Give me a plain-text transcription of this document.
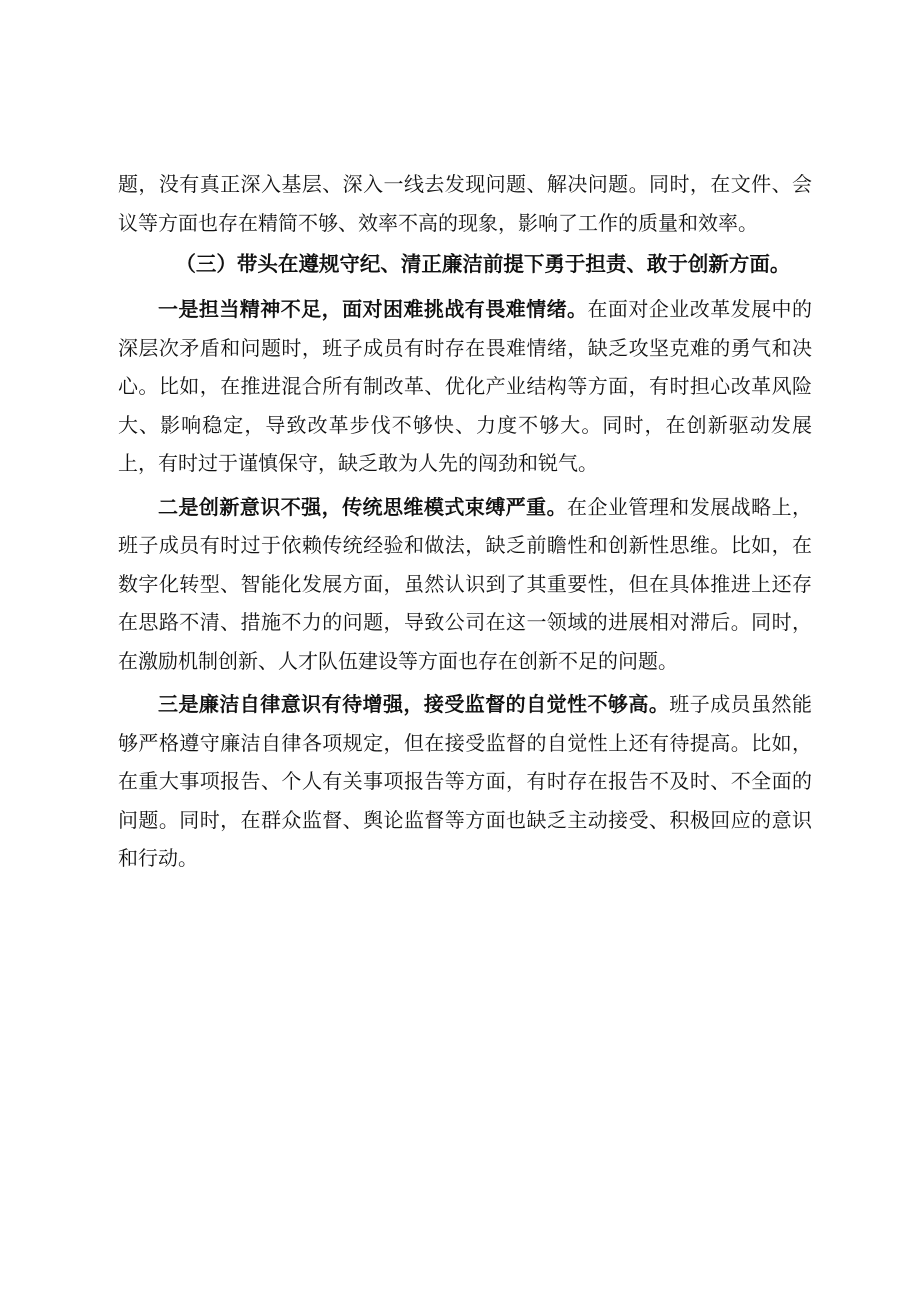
题，没有真正深入基层、深入一线去发现问题、解决问题。同时，在文件、会议等方面也存在精简不够、效率不高的现象，影响了工作的质量和效率。

（三）带头在遵规守纪、清正廉洁前提下勇于担责、敢于创新方面。

一是担当精神不足，面对困难挑战有畏难情绪。在面对企业改革发展中的深层次矛盾和问题时，班子成员有时存在畏难情绪，缺乏攻坚克难的勇气和决心。比如，在推进混合所有制改革、优化产业结构等方面，有时担心改革风险大、影响稳定，导致改革步伐不够快、力度不够大。同时，在创新驱动发展上，有时过于谨慎保守，缺乏敢为人先的闯劲和锐气。

二是创新意识不强，传统思维模式束缚严重。在企业管理和发展战略上，班子成员有时过于依赖传统经验和做法，缺乏前瞻性和创新性思维。比如，在数字化转型、智能化发展方面，虽然认识到了其重要性，但在具体推进上还存在思路不清、措施不力的问题，导致公司在这一领域的进展相对滞后。同时，在激励机制创新、人才队伍建设等方面也存在创新不足的问题。

三是廉洁自律意识有待增强，接受监督的自觉性不够高。班子成员虽然能够严格遵守廉洁自律各项规定，但在接受监督的自觉性上还有待提高。比如，在重大事项报告、个人有关事项报告等方面，有时存在报告不及时、不全面的问题。同时，在群众监督、舆论监督等方面也缺乏主动接受、积极回应的意识和行动。
